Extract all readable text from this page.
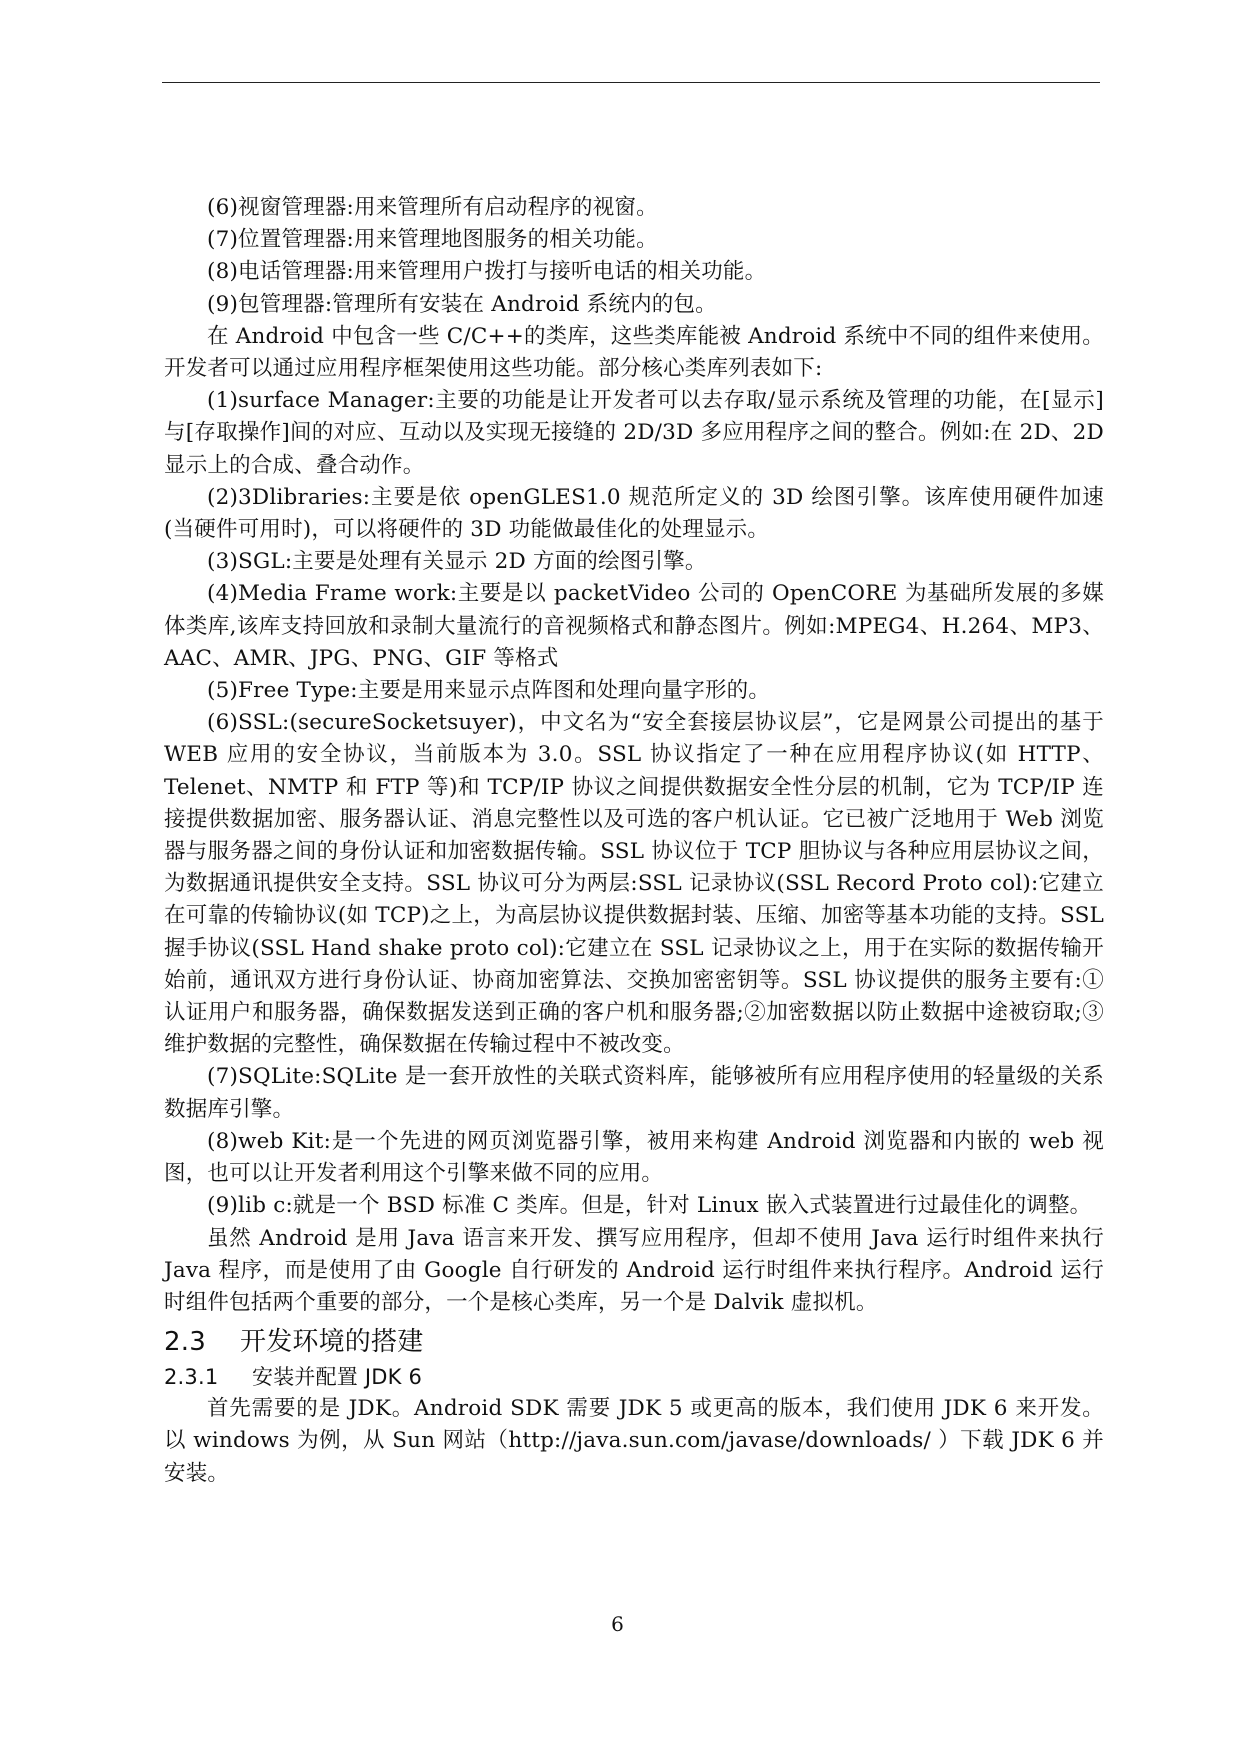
(6)视窗管理器:用来管理所有启动程序的视窗。

(7)位置管理器:用来管理地图服务的相关功能。

(8)电话管理器:用来管理用户拨打与接听电话的相关功能。

(9)包管理器:管理所有安装在 Android 系统内的包。

在 Android 中包含一些 C/C++的类库，这些类库能被 Android 系统中不同的组件来使用。开发者可以通过应用程序框架使用这些功能。部分核心类库列表如下:

(1)surface Manager:主要的功能是让开发者可以去存取/显示系统及管理的功能，在[显示]与[存取操作]间的对应、互动以及实现无接缝的 2D/3D 多应用程序之间的整合。例如:在 2D、2D 显示上的合成、叠合动作。

(2)3Dlibraries:主要是依 openGLES1.0 规范所定义的 3D 绘图引擎。该库使用硬件加速(当硬件可用时)，可以将硬件的 3D 功能做最佳化的处理显示。

(3)SGL:主要是处理有关显示 2D 方面的绘图引擎。

(4)Media Frame work:主要是以 packetVideo 公司的 OpenCORE 为基础所发展的多媒体类库,该库支持回放和录制大量流行的音视频格式和静态图片。例如:MPEG4、H.264、MP3、AAC、AMR、JPG、PNG、GIF 等格式

(5)Free Type:主要是用来显示点阵图和处理向量字形的。

(6)SSL:(secureSocketsuyer)，中文名为“安全套接层协议层”，它是网景公司提出的基于 WEB 应用的安全协议，当前版本为 3.0。SSL 协议指定了一种在应用程序协议(如 HTTP、Telenet、NMTP 和 FTP 等)和 TCP/IP 协议之间提供数据安全性分层的机制，它为 TCP/IP 连接提供数据加密、服务器认证、消息完整性以及可选的客户机认证。它已被广泛地用于 Web 浏览器与服务器之间的身份认证和加密数据传输。SSL 协议位于 TCP 胆协议与各种应用层协议之间，为数据通讯提供安全支持。SSL 协议可分为两层:SSL 记录协议(SSL Record Proto col):它建立在可靠的传输协议(如 TCP)之上，为高层协议提供数据封装、压缩、加密等基本功能的支持。SSL 握手协议(SSL Hand shake proto col):它建立在 SSL 记录协议之上，用于在实际的数据传输开始前，通讯双方进行身份认证、协商加密算法、交换加密密钥等。SSL 协议提供的服务主要有:①认证用户和服务器，确保数据发送到正确的客户机和服务器;②加密数据以防止数据中途被窃取;③维护数据的完整性，确保数据在传输过程中不被改变。

(7)SQLite:SQLite 是一套开放性的关联式资料库，能够被所有应用程序使用的轻量级的关系数据库引擎。

(8)web Kit:是一个先进的网页浏览器引擎，被用来构建 Android 浏览器和内嵌的 web 视图，也可以让开发者利用这个引擎来做不同的应用。

(9)lib c:就是一个 BSD 标准 C 类库。但是，针对 Linux 嵌入式装置进行过最佳化的调整。

虽然 Android 是用 Java 语言来开发、撰写应用程序，但却不使用 Java 运行时组件来执行 Java 程序，而是使用了由 Google 自行研发的 Android 运行时组件来执行程序。Android 运行时组件包括两个重要的部分，一个是核心类库，另一个是 Dalvik 虚拟机。

2.3 开发环境的搭建
2.3.1 安装并配置 JDK 6

首先需要的是 JDK。Android SDK 需要 JDK 5 或更高的版本，我们使用 JDK 6 来开发。以 windows 为例，从 Sun 网站（http://java.sun.com/javase/downloads/ ）下载 JDK 6 并安装。

6
